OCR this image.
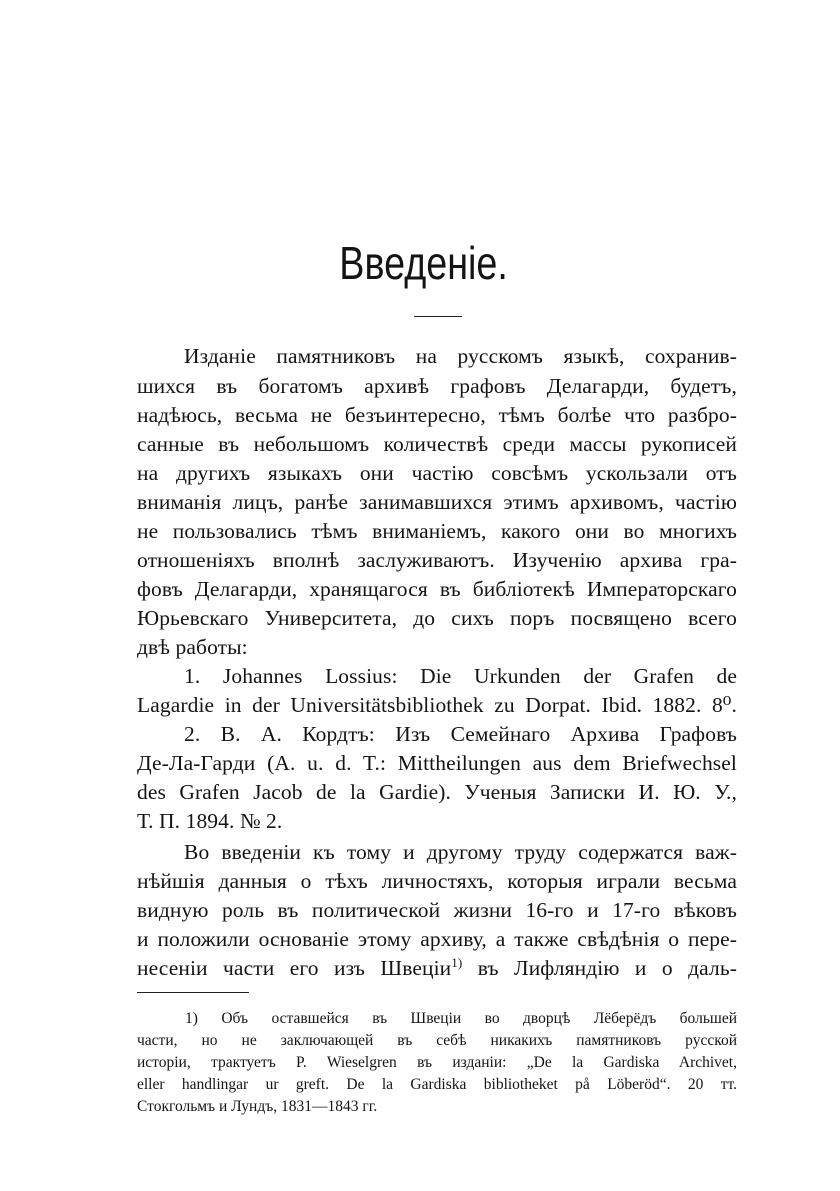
Введеніе.
Изданіе памятниковъ на русскомъ языкѣ, сохранив-
шихся въ богатомъ архивѣ графовъ Делагарди, будетъ,
надѣюсь, весьма не безъинтересно, тѣмъ болѣе что разбро-
санные въ небольшомъ количествѣ среди массы рукописей
на другихъ языкахъ они частію совсѣмъ ускользали отъ
вниманія лицъ, ранѣе занимавшихся этимъ архивомъ, частію
не пользовались тѣмъ вниманіемъ, какого они во многихъ
отношеніяхъ вполнѣ заслуживаютъ. Изученію архива гра-
фовъ Делагарди, хранящагося въ библіотекѣ Императорскаго
Юрьевскаго Университета, до сихъ поръ посвящено всего
двѣ работы:
1. Johannes Lossius: Die Urkunden der Grafen de
Lagardie in der Universitätsbibliothek zu Dorpat. Ibid. 1882. 8⁰.
2. В. А. Кордтъ: Изъ Семейнаго Архива Графовъ
Де-Ла-Гарди (A. u. d. T.: Mittheilungen aus dem Briefwechsel
des Grafen Jacob de la Gardie). Ученыя Записки И. Ю. У.,
Т. П. 1894. № 2.
Во введеніи къ тому и другому труду содержатся важ-
нѣйшія данныя о тѣхъ личностяхъ, которыя играли весьма
видную роль въ политической жизни 16-го и 17-го вѣковъ
и положили основаніе этому архиву, а также свѣдѣнія о пере-
несеніи части его изъ Швеціи$^{1)}$ въ Лифляндію и о даль-
1) Объ оставшейся въ Швеціи во дворцѣ Лёберёдъ большей
части, но не заключающей въ себѣ никакихъ памятниковъ русской
исторіи, трактуетъ P. Wieselgren въ изданіи: „De la Gardiska Archivet,
eller handlingar ur greft. De la Gardiska bibliotheket på Löberöd“. 20 тт.
Стокгольмъ и Лундъ, 1831—1843 гг.
